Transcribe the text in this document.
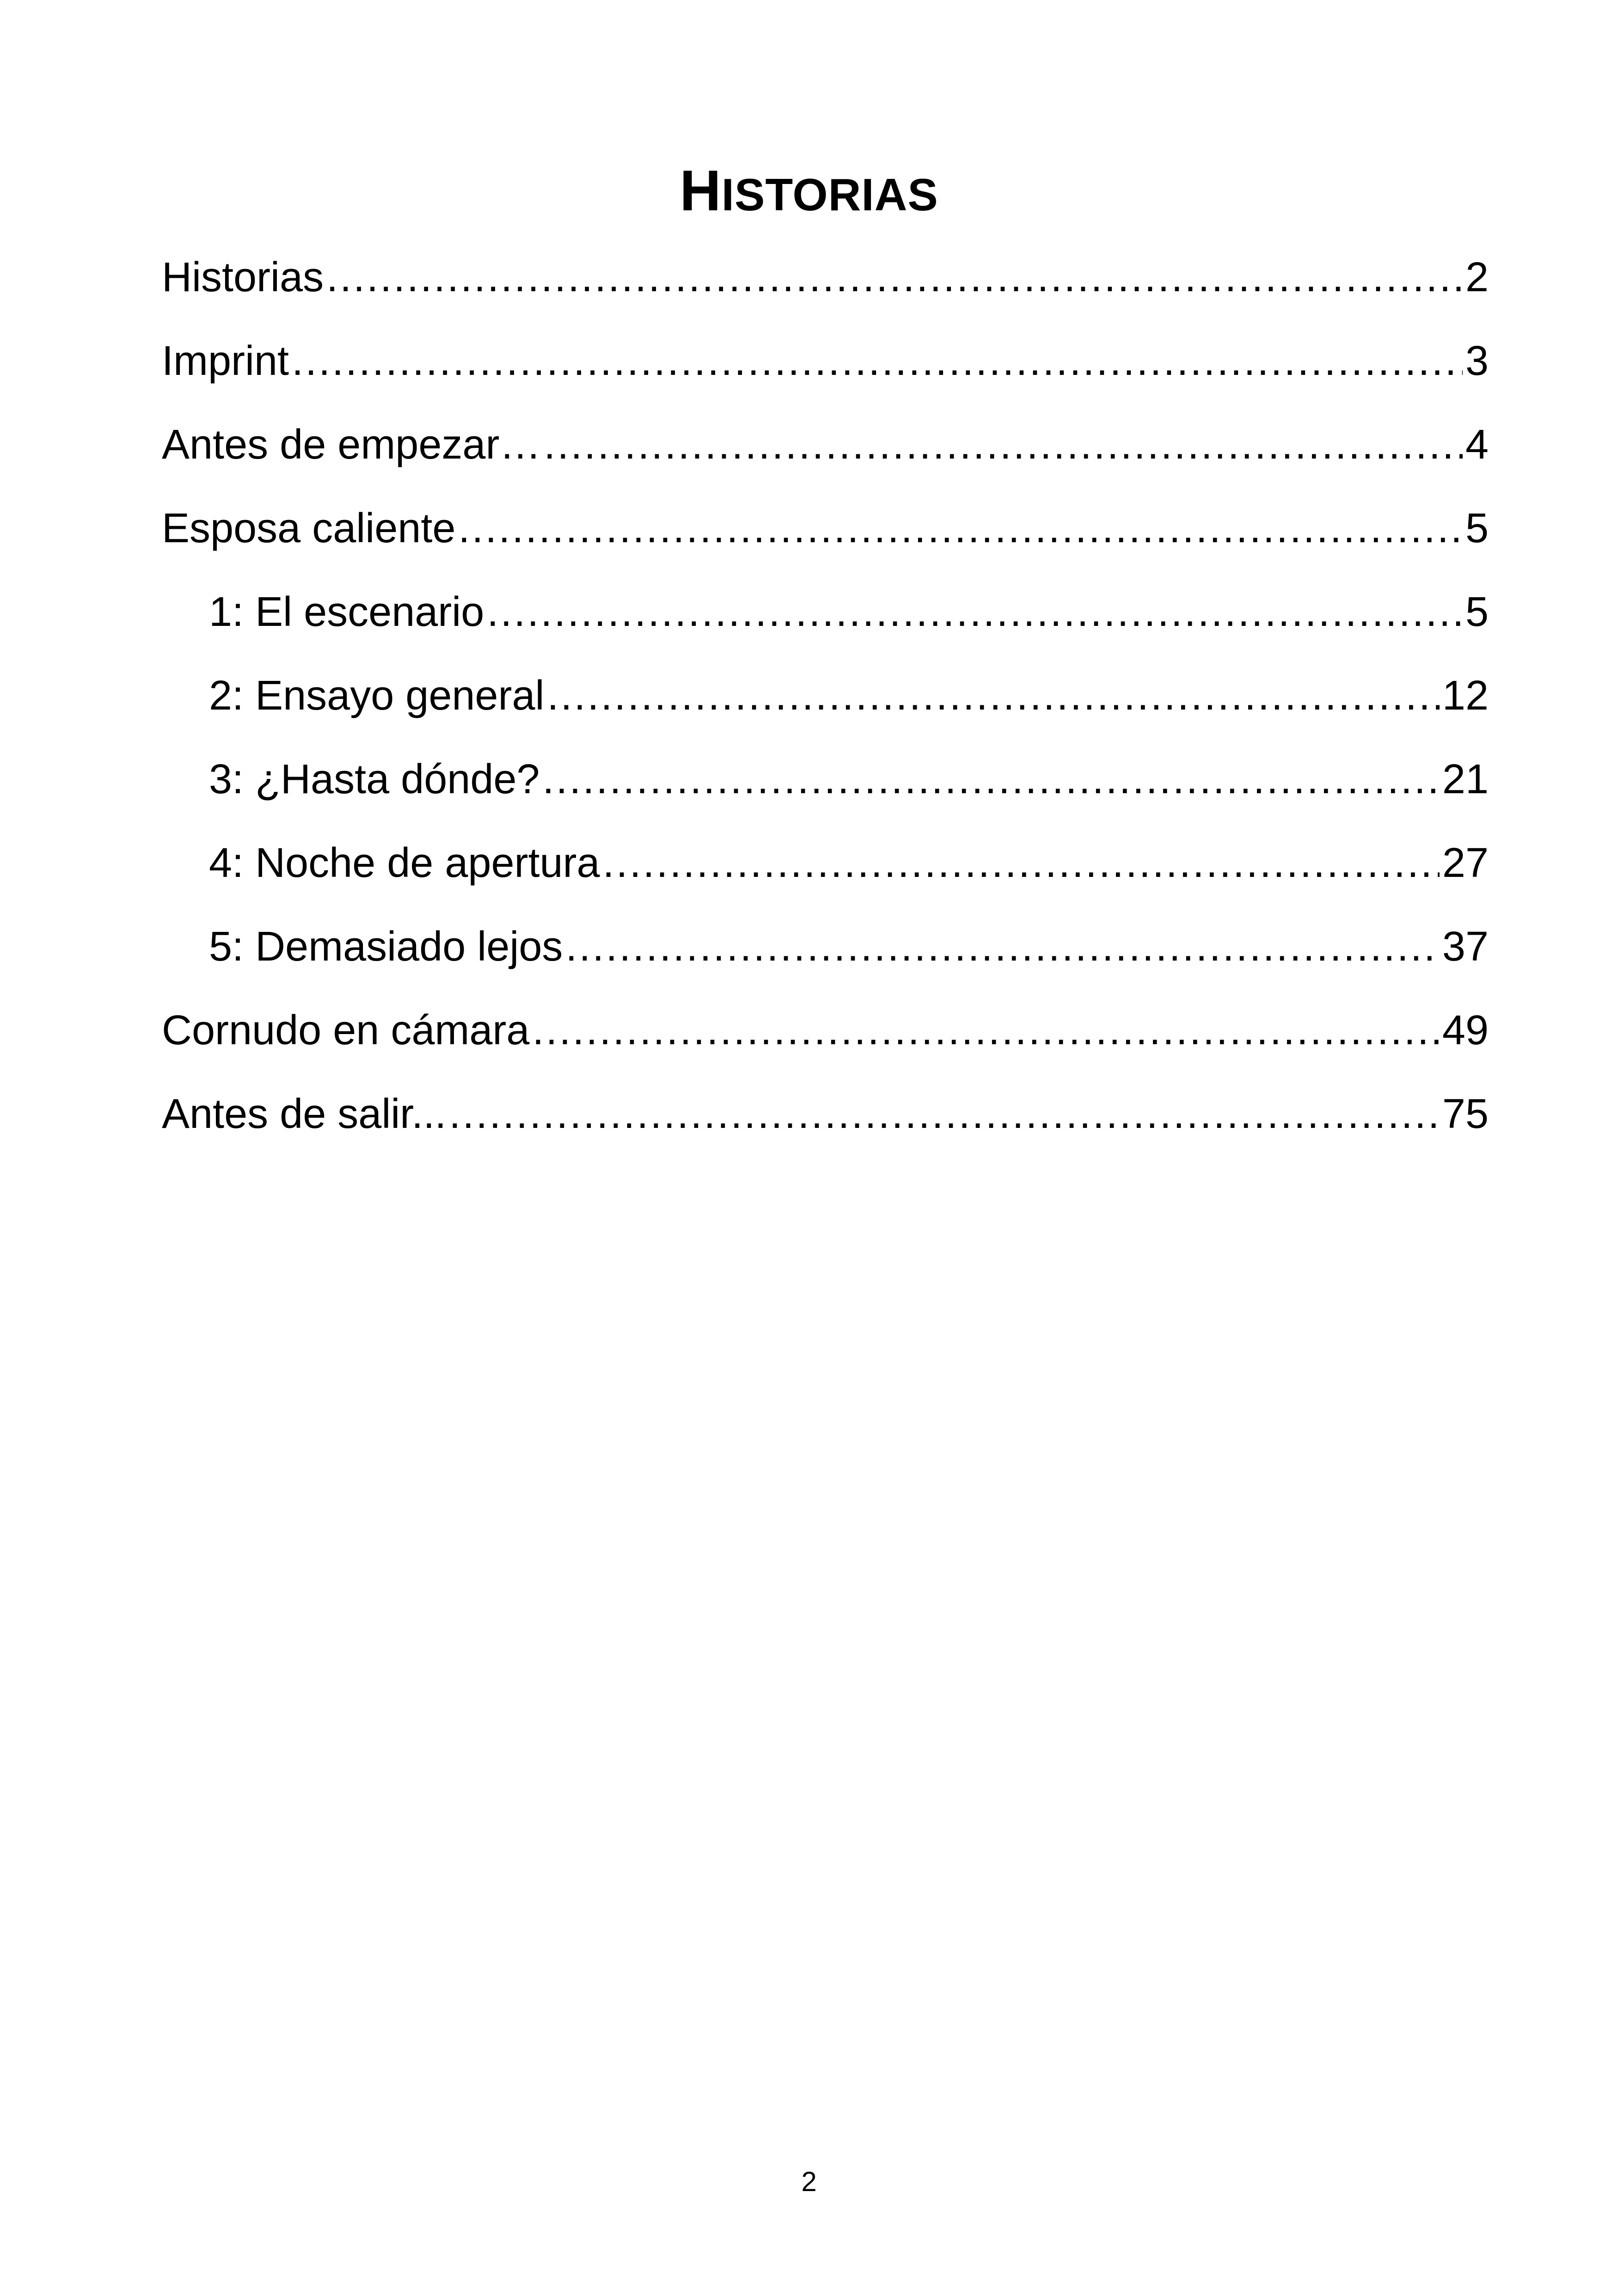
HISTORIAS
Historias .....	2
Imprint .....	3
Antes de empezar… .....	4
Esposa caliente .....	5
1: El escenario .....	5
2: Ensayo general .....	12
3: ¿Hasta dónde? .....	21
4: Noche de apertura .....	27
5: Demasiado lejos .....	37
Cornudo en cámara .....	49
Antes de salir... .....	75
2
